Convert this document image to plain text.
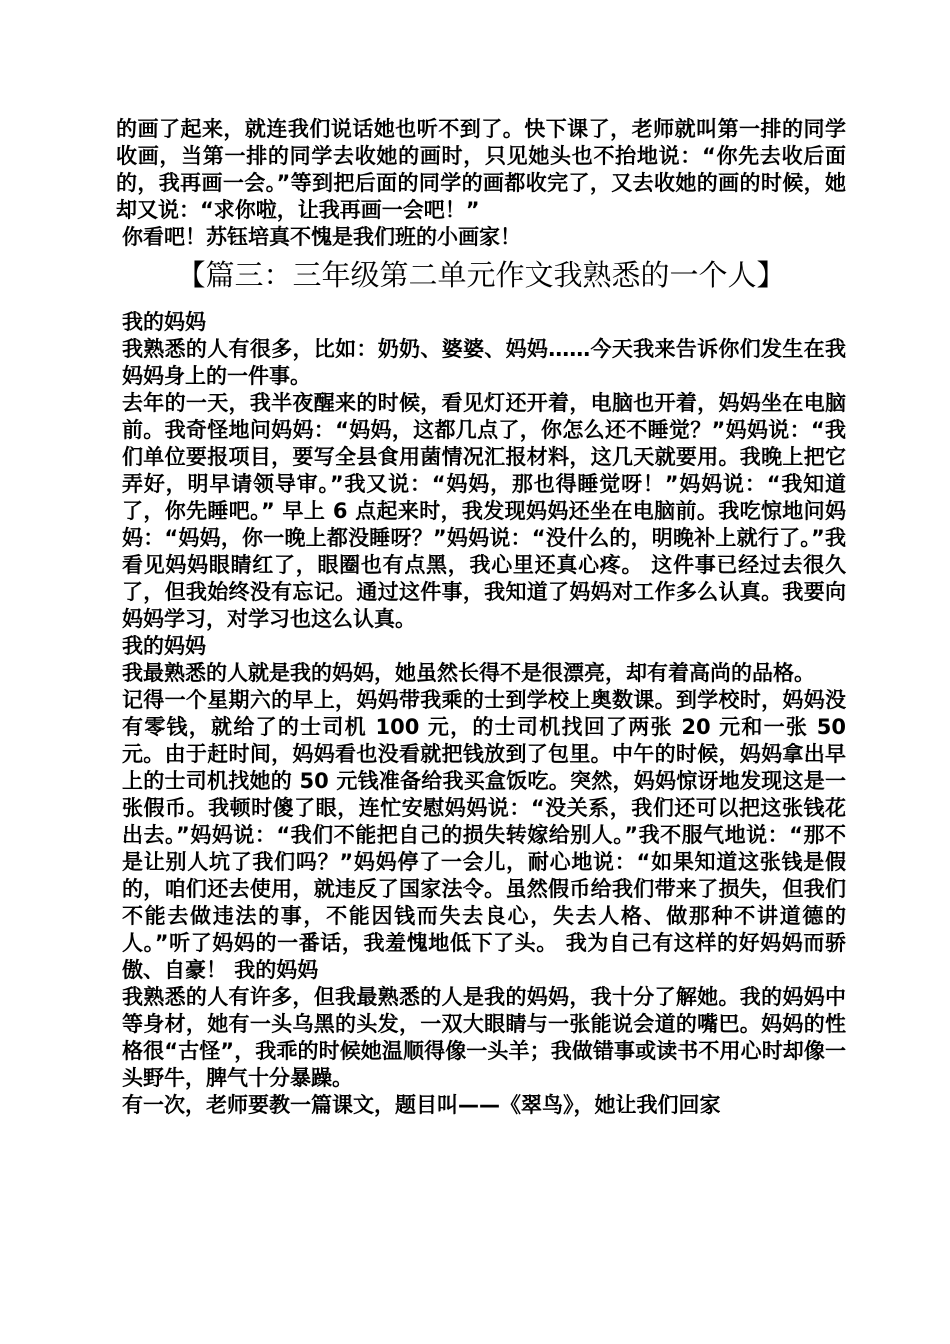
的画了起来，就连我们说话她也听不到了。快下课了，老师就叫第一排的同学收画，当第一排的同学去收她的画时，只见她头也不抬地说：“你先去收后面的，我再画一会。”等到把后面的同学的画都收完了，又去收她的画的时候，她却又说：“求你啦，让我再画一会吧！”

你看吧！苏钰培真不愧是我们班的小画家！

【篇三：三年级第二单元作文我熟悉的一个人】

我的妈妈

我熟悉的人有很多，比如：奶奶、婆婆、妈妈……今天我来告诉你们发生在我妈妈身上的一件事。

去年的一天，我半夜醒来的时候，看见灯还开着，电脑也开着，妈妈坐在电脑前。我奇怪地问妈妈：“妈妈，这都几点了，你怎么还不睡觉？”妈妈说：“我们单位要报项目，要写全县食用菌情况汇报材料，这几天就要用。我晚上把它弄好，明早请领导审。”我又说：“妈妈，那也得睡觉呀！”妈妈说：“我知道了，你先睡吧。” 早上 6 点起来时，我发现妈妈还坐在电脑前。我吃惊地问妈妈：“妈妈，你一晚上都没睡呀？”妈妈说：“没什么的，明晚补上就行了。”我看见妈妈眼睛红了，眼圈也有点黑，我心里还真心疼。 这件事已经过去很久了，但我始终没有忘记。通过这件事，我知道了妈妈对工作多么认真。我要向妈妈学习，对学习也这么认真。

我的妈妈

我最熟悉的人就是我的妈妈，她虽然长得不是很漂亮，却有着高尚的品格。

记得一个星期六的早上，妈妈带我乘的士到学校上奥数课。到学校时，妈妈没有零钱，就给了的士司机 100 元，的士司机找回了两张 20 元和一张 50 元。由于赶时间，妈妈看也没看就把钱放到了包里。中午的时候，妈妈拿出早上的士司机找她的 50 元钱准备给我买盒饭吃。突然，妈妈惊讶地发现这是一张假币。我顿时傻了眼，连忙安慰妈妈说：“没关系，我们还可以把这张钱花出去。”妈妈说：“我们不能把自己的损失转嫁给别人。”我不服气地说：“那不是让别人坑了我们吗？”妈妈停了一会儿，耐心地说：“如果知道这张钱是假的，咱们还去使用，就违反了国家法令。虽然假币给我们带来了损失，但我们不能去做违法的事，不能因钱而失去良心，失去人格、做那种不讲道德的人。”听了妈妈的一番话，我羞愧地低下了头。 我为自己有这样的好妈妈而骄傲、自豪！ 我的妈妈

我熟悉的人有许多，但我最熟悉的人是我的妈妈，我十分了解她。我的妈妈中等身材，她有一头乌黑的头发，一双大眼睛与一张能说会道的嘴巴。妈妈的性格很“古怪”，我乖的时候她温顺得像一头羊；我做错事或读书不用心时却像一头野牛，脾气十分暴躁。

有一次，老师要教一篇课文，题目叫——《翠鸟》，她让我们回家
